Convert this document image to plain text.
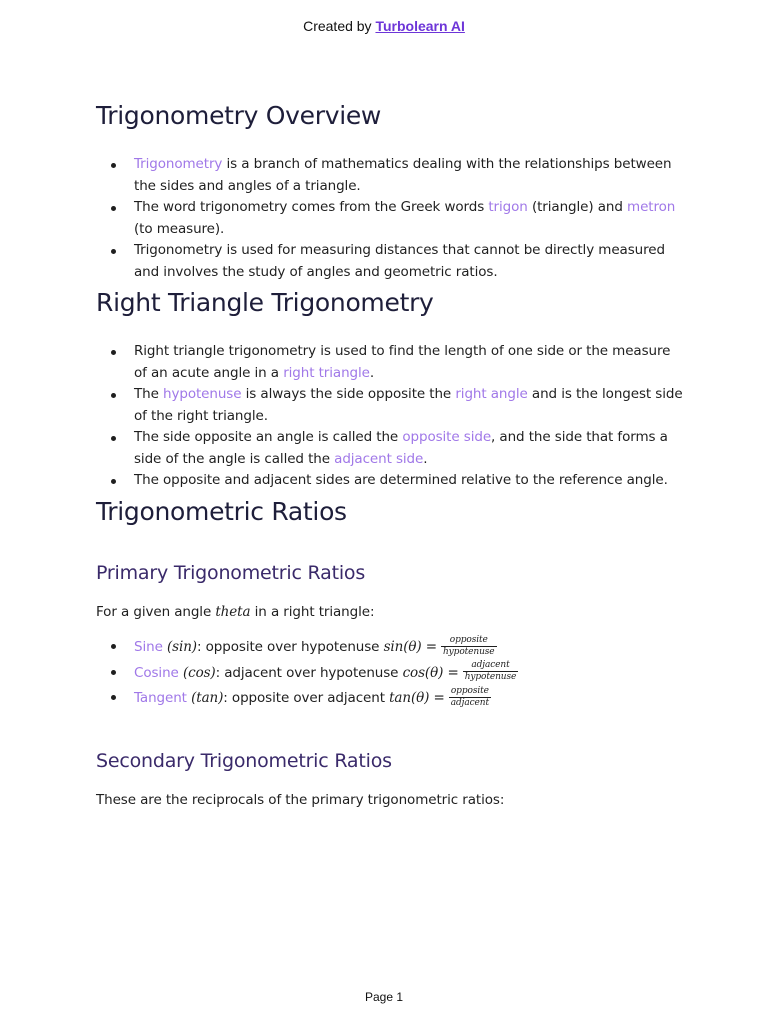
Created by Turbolearn AI
Trigonometry Overview
Trigonometry is a branch of mathematics dealing with the relationships between the sides and angles of a triangle.
The word trigonometry comes from the Greek words trigon (triangle) and metron (to measure).
Trigonometry is used for measuring distances that cannot be directly measured and involves the study of angles and geometric ratios.
Right Triangle Trigonometry
Right triangle trigonometry is used to find the length of one side or the measure of an acute angle in a right triangle.
The hypotenuse is always the side opposite the right angle and is the longest side of the right triangle.
The side opposite an angle is called the opposite side, and the side that forms a side of the angle is called the adjacent side.
The opposite and adjacent sides are determined relative to the reference angle.
Trigonometric Ratios
Primary Trigonometric Ratios

For a given angle theta in a right triangle:

Sine (sin): opposite over hypotenuse $\sin(\theta) = \frac{\text{opposite}}{\text{hypotenuse}}$
Cosine (cos): adjacent over hypotenuse $\cos(\theta) = \frac{\text{adjacent}}{\text{hypotenuse}}$
Tangent (tan): opposite over adjacent $\tan(\theta) = \frac{\text{opposite}}{\text{adjacent}}$
Secondary Trigonometric Ratios

These are the reciprocals of the primary trigonometric ratios:

Page 1
